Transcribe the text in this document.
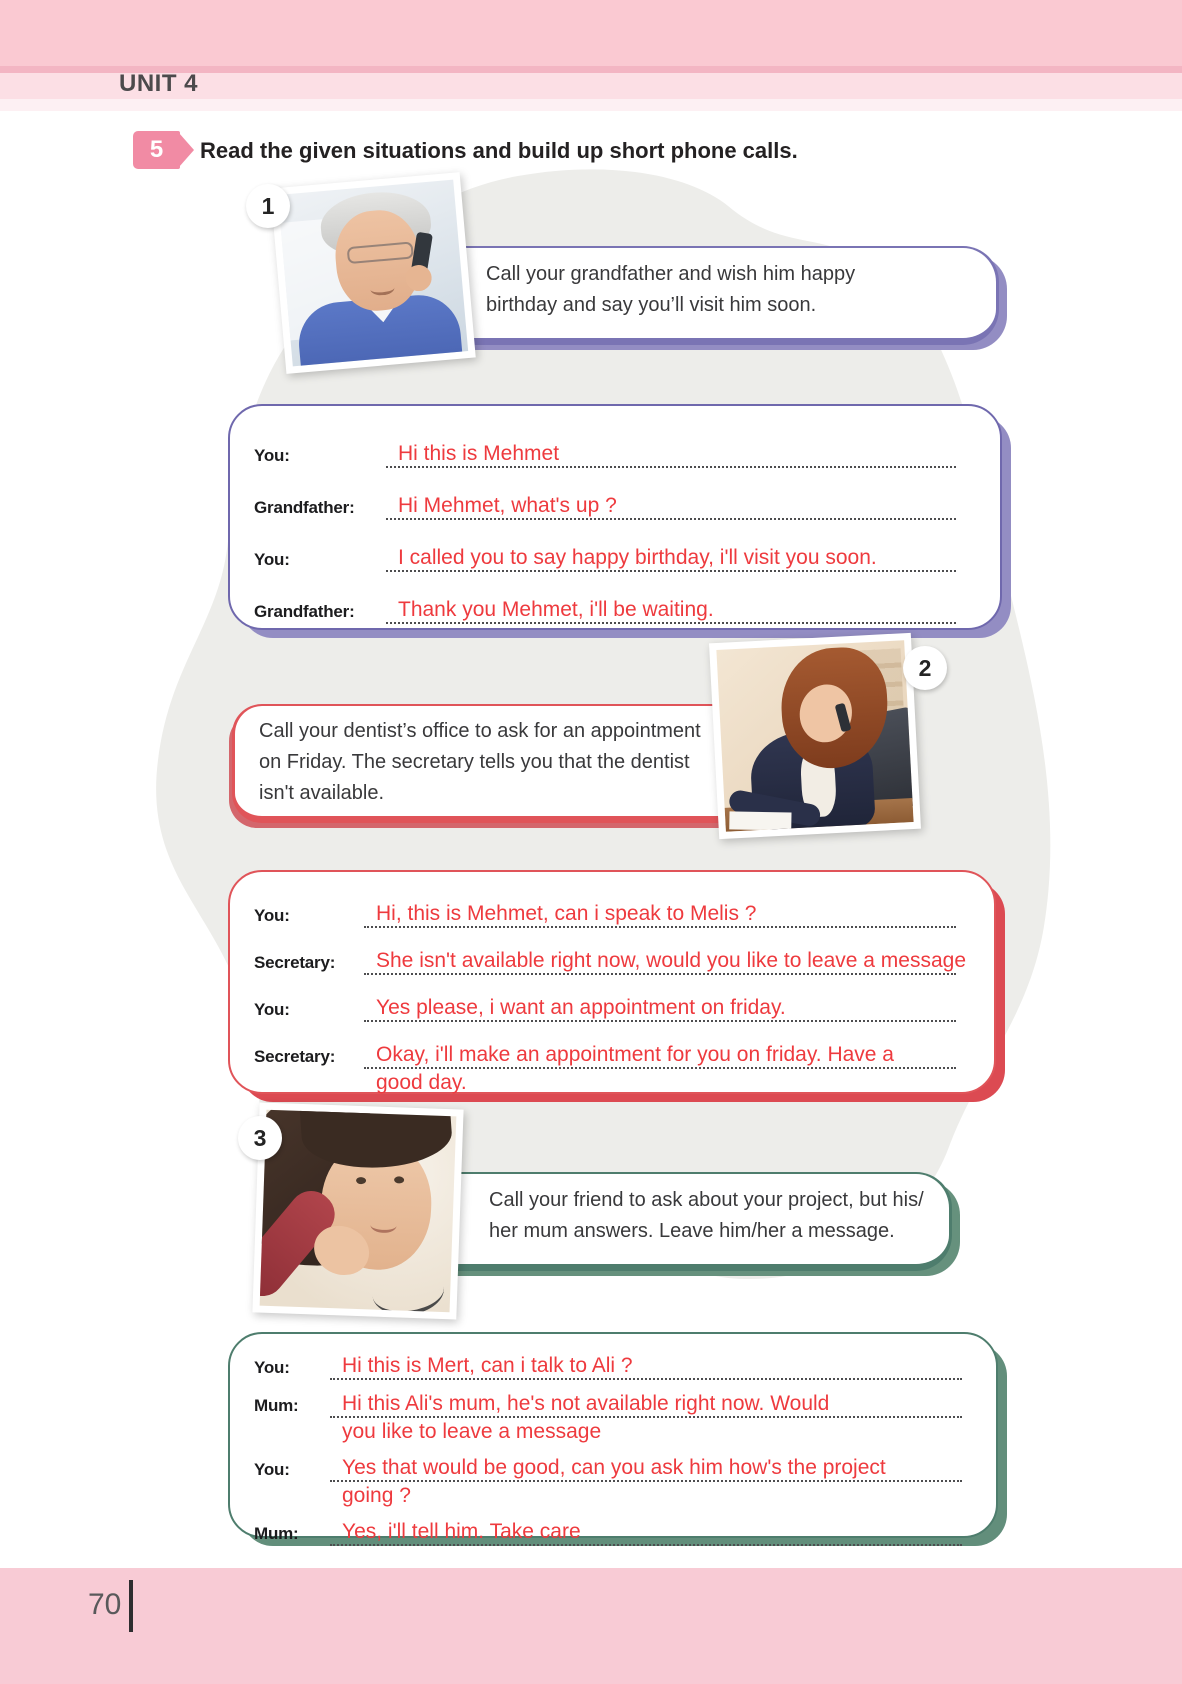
UNIT 4
5 Read the given situations and build up short phone calls.
Call your grandfather and wish him happy
birthday and say you’ll visit him soon.
1
You:	Hi this is Mehmet
Grandfather:	Hi Mehmet, what's up ?
You:	I called you to say happy birthday, i'll visit you soon.
Grandfather:	Thank you Mehmet, i'll be waiting.
Call your dentist’s office to ask for an appointment
on Friday. The secretary tells you that the dentist
isn't available.
2
You:	Hi, this is Mehmet, can i speak to Melis ?
Secretary:	She isn't available right now, would you like to leave a message
You:	Yes please, i want an appointment on friday.
Secretary:	Okay, i'll make an appointment for you on friday. Have a
good day.
Call your friend to ask about your project, but his/
her mum answers. Leave him/her a message.
3
You:	Hi this is Mert, can i talk to Ali ?
Mum:	Hi this Ali's mum, he's not available right now. Would
you like to leave a message
You:	Yes that would be good, can you ask him how's the project
going ?
Mum:	Yes, i'll tell him. Take care
70
